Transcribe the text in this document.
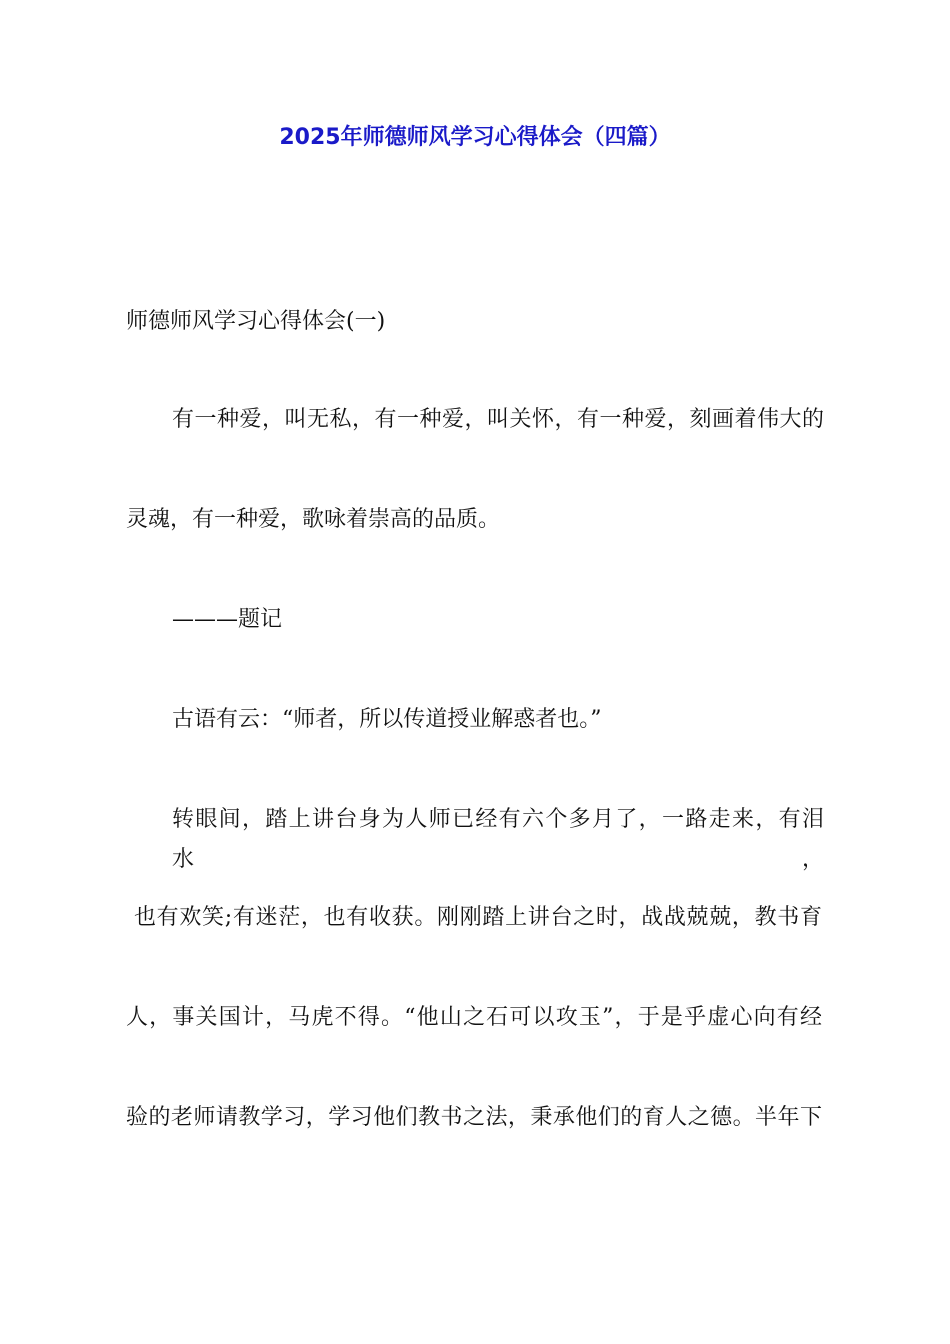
2025年师德师风学习心得体会（四篇）

师德师风学习心得体会(一)

有一种爱，叫无私，有一种爱，叫关怀，有一种爱，刻画着伟大的

灵魂，有一种爱，歌咏着崇高的品质。

———题记

古语有云：“师者，所以传道授业解惑者也。”

转眼间，踏上讲台身为人师已经有六个多月了，一路走来，有泪水，

也有欢笑;有迷茫，也有收获。刚刚踏上讲台之时，战战兢兢，教书育

人，事关国计，马虎不得。“他山之石可以攻玉”，于是乎虚心向有经

验的老师请教学习，学习他们教书之法，秉承他们的育人之德。半年下
